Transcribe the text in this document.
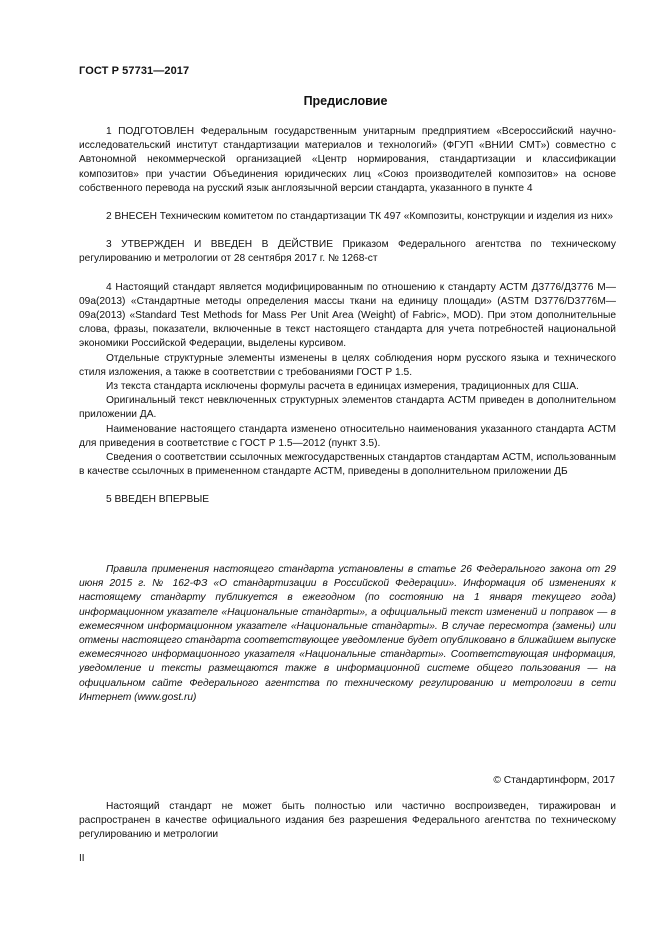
ГОСТ Р 57731—2017
Предисловие

1 ПОДГОТОВЛЕН Федеральным государственным унитарным предприятием «Всероссийский научно-исследовательский институт стандартизации материалов и технологий» (ФГУП «ВНИИ СМТ») совместно с Автономной некоммерческой организацией «Центр нормирования, стандартизации и классификации композитов» при участии Объединения юридических лиц «Союз производителей композитов» на основе собственного перевода на русский язык англоязычной версии стандарта, указанного в пункте 4

2 ВНЕСЕН Техническим комитетом по стандартизации ТК 497 «Композиты, конструкции и изделия из них»

3 УТВЕРЖДЕН И ВВЕДЕН В ДЕЙСТВИЕ Приказом Федерального агентства по техническому регулированию и метрологии от 28 сентября 2017 г. № 1268-ст

4 Настоящий стандарт является модифицированным по отношению к стандарту АСТМ Д3776/Д3776 М—09а(2013) «Стандартные методы определения массы ткани на единицу площади» (ASTM D3776/D3776M—09a(2013) «Standard Test Methods for Mass Per Unit Area (Weight) of Fabric», MOD). При этом дополнительные слова, фразы, показатели, включенные в текст настоящего стандарта для учета потребностей национальной экономики Российской Федерации, выделены курсивом.

Отдельные структурные элементы изменены в целях соблюдения норм русского языка и технического стиля изложения, а также в соответствии с требованиями ГОСТ Р 1.5.

Из текста стандарта исключены формулы расчета в единицах измерения, традиционных для США.

Оригинальный текст невключенных структурных элементов стандарта АСТМ приведен в дополнительном приложении ДА.

Наименование настоящего стандарта изменено относительно наименования указанного стандарта АСТМ для приведения в соответствие с ГОСТ Р 1.5—2012 (пункт 3.5).

Сведения о соответствии ссылочных межгосударственных стандартов стандартам АСТМ, использованным в качестве ссылочных в примененном стандарте АСТМ, приведены в дополнительном приложении ДБ

5 ВВЕДЕН ВПЕРВЫЕ

Правила применения настоящего стандарта установлены в статье 26 Федерального закона от 29 июня 2015 г. № 162-ФЗ «О стандартизации в Российской Федерации». Информация об изменениях к настоящему стандарту публикуется в ежегодном (по состоянию на 1 января текущего года) информационном указателе «Национальные стандарты», а официальный текст изменений и поправок — в ежемесячном информационном указателе «Национальные стандарты». В случае пересмотра (замены) или отмены настоящего стандарта соответствующее уведомление будет опубликовано в ближайшем выпуске ежемесячного информационного указателя «Национальные стандарты». Соответствующая информация, уведомление и тексты размещаются также в информационной системе общего пользования — на официальном сайте Федерального агентства по техническому регулированию и метрологии в сети Интернет (www.gost.ru)

© Стандартинформ, 2017

Настоящий стандарт не может быть полностью или частично воспроизведен, тиражирован и распространен в качестве официального издания без разрешения Федерального агентства по техническому регулированию и метрологии

II
